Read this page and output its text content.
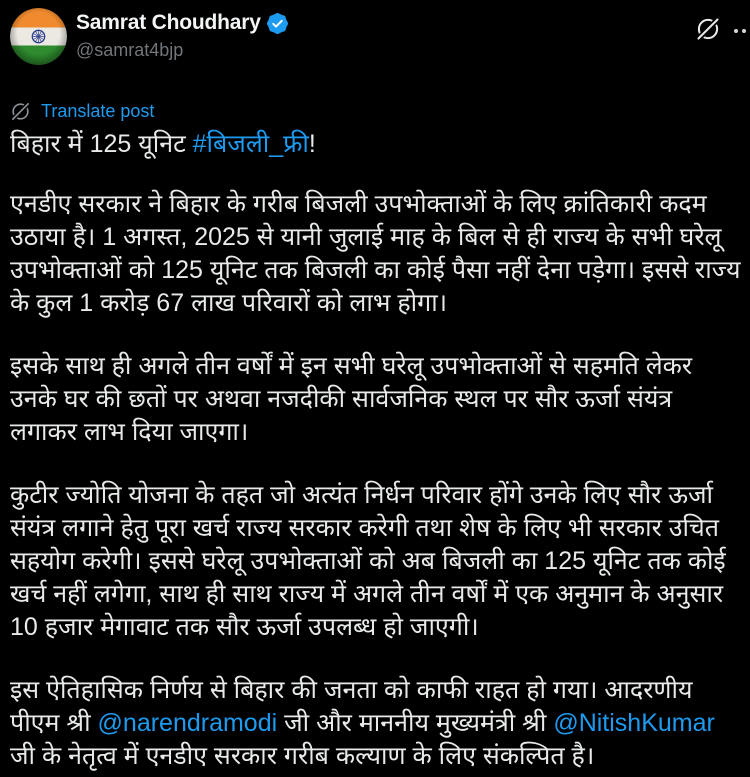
Samrat Choudhary
@samrat4bjp
Translate post

बिहार में 125 यूनिट #बिजली_फ्री!

एनडीए सरकार ने बिहार के गरीब बिजली उपभोक्ताओं के लिए क्रांतिकारी कदम उठाया है। 1 अगस्त, 2025 से यानी जुलाई माह के बिल से ही राज्य के सभी घरेलू उपभोक्ताओं को 125 यूनिट तक बिजली का कोई पैसा नहीं देना पड़ेगा। इससे राज्य के कुल 1 करोड़ 67 लाख परिवारों को लाभ होगा।

इसके साथ ही अगले तीन वर्षों में इन सभी घरेलू उपभोक्ताओं से सहमति लेकर उनके घर की छतों पर अथवा नजदीकी सार्वजनिक स्थल पर सौर ऊर्जा संयंत्र लगाकर लाभ दिया जाएगा।

कुटीर ज्योति योजना के तहत जो अत्यंत निर्धन परिवार होंगे उनके लिए सौर ऊर्जा संयंत्र लगाने हेतु पूरा खर्च राज्य सरकार करेगी तथा शेष के लिए भी सरकार उचित सहयोग करेगी। इससे घरेलू उपभोक्ताओं को अब बिजली का 125 यूनिट तक कोई खर्च नहीं लगेगा, साथ ही साथ राज्य में अगले तीन वर्षों में एक अनुमान के अनुसार 10 हजार मेगावाट तक सौर ऊर्जा उपलब्ध हो जाएगी।

इस ऐतिहासिक निर्णय से बिहार की जनता को काफी राहत हो गया। आदरणीय पीएम श्री @narendramodi जी और माननीय मुख्यमंत्री श्री @NitishKumar जी के नेतृत्व में एनडीए सरकार गरीब कल्याण के लिए संकल्पित है।
